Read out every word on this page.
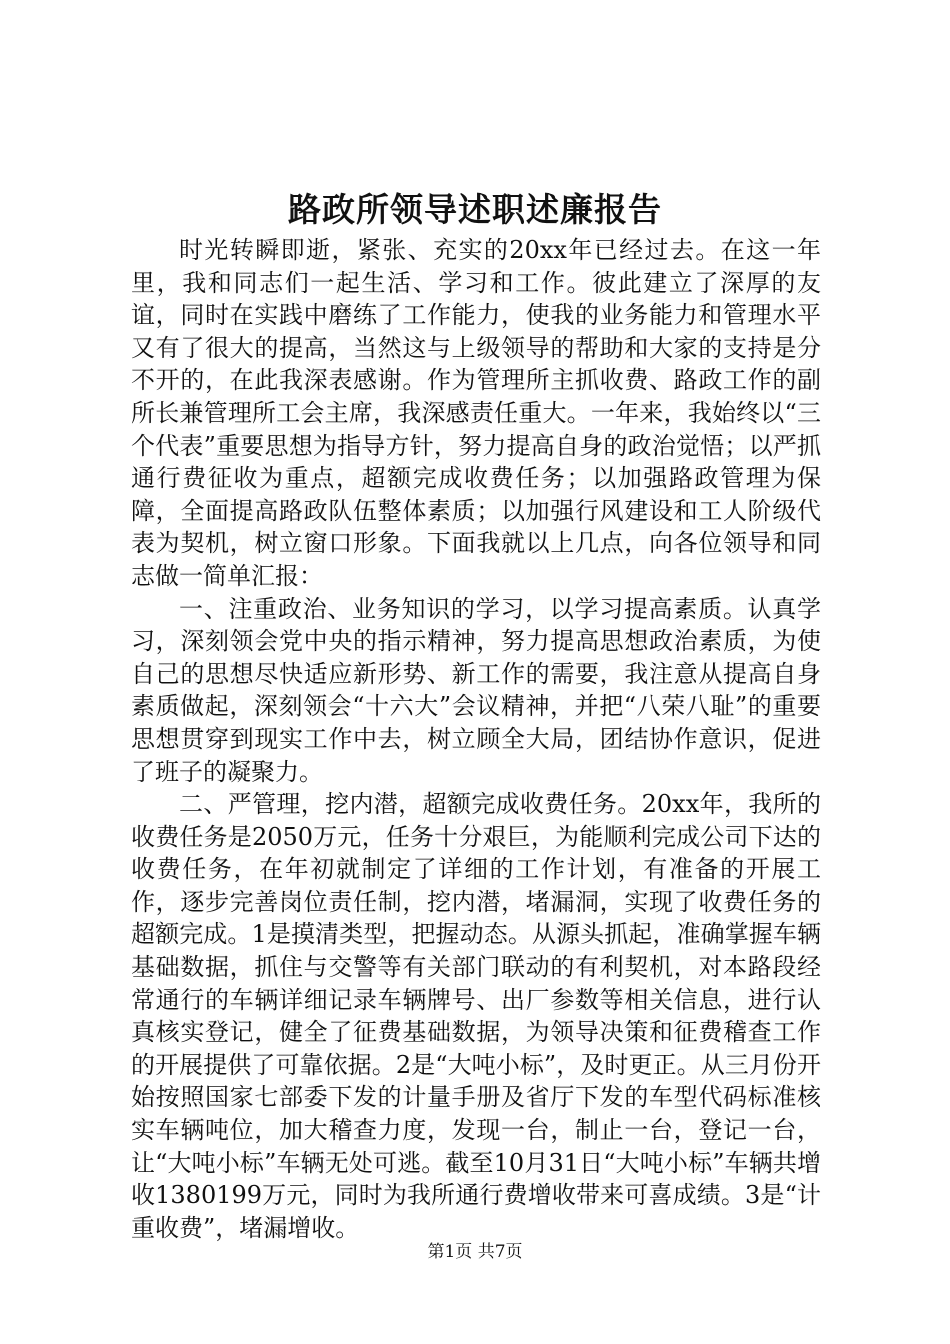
路政所领导述职述廉报告

时光转瞬即逝，紧张、充实的20xx年已经过去。在这一年里，我和同志们一起生活、学习和工作。彼此建立了深厚的友谊，同时在实践中磨练了工作能力，使我的业务能力和管理水平又有了很大的提高，当然这与上级领导的帮助和大家的支持是分不开的，在此我深表感谢。作为管理所主抓收费、路政工作的副所长兼管理所工会主席，我深感责任重大。一年来，我始终以“三个代表”重要思想为指导方针，努力提高自身的政治觉悟；以严抓通行费征收为重点，超额完成收费任务；以加强路政管理为保障，全面提高路政队伍整体素质；以加强行风建设和工人阶级代表为契机，树立窗口形象。下面我就以上几点，向各位领导和同志做一简单汇报：

一、注重政治、业务知识的学习，以学习提高素质。认真学习，深刻领会党中央的指示精神，努力提高思想政治素质，为使自己的思想尽快适应新形势、新工作的需要，我注意从提高自身素质做起，深刻领会“十六大”会议精神，并把“八荣八耻”的重要思想贯穿到现实工作中去，树立顾全大局，团结协作意识，促进了班子的凝聚力。

二、严管理，挖内潜，超额完成收费任务。20xx年，我所的收费任务是2050万元，任务十分艰巨，为能顺利完成公司下达的收费任务，在年初就制定了详细的工作计划，有准备的开展工作，逐步完善岗位责任制，挖内潜，堵漏洞，实现了收费任务的超额完成。1是摸清类型，把握动态。从源头抓起，准确掌握车辆基础数据，抓住与交警等有关部门联动的有利契机，对本路段经常通行的车辆详细记录车辆牌号、出厂参数等相关信息，进行认真核实登记，健全了征费基础数据，为领导决策和征费稽查工作的开展提供了可靠依据。2是“大吨小标”，及时更正。从三月份开始按照国家七部委下发的计量手册及省厅下发的车型代码标准核实车辆吨位，加大稽查力度，发现一台，制止一台，登记一台，让“大吨小标”车辆无处可逃。截至10月31日“大吨小标”车辆共增收1380199万元，同时为我所通行费增收带来可喜成绩。3是“计重收费”，堵漏增收。

第1页 共7页
